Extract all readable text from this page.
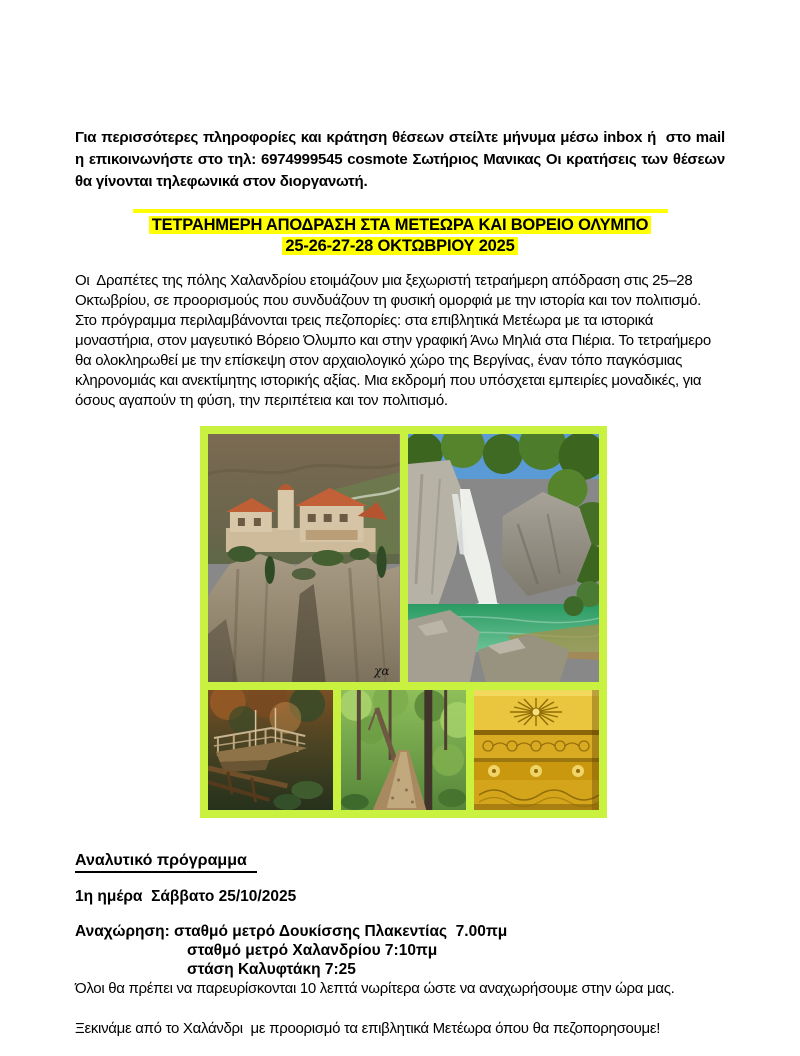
Για περισσότερες πληροφορίες και κράτηση θέσεων στείλτε μήνυμα μέσω inbox ή  στο mail  η επικοινωνήστε στο τηλ: 6974999545 cosmote Σωτήριος Μανικας Οι κρατήσεις των θέσεων θα γίνονται τηλεφωνικά στον διοργανωτή.

ΤΕΤΡΑΗΜΕΡΗ ΑΠΟΔΡΑΣΗ ΣΤΑ ΜΕΤΕΩΡΑ ΚΑΙ ΒΟΡΕΙΟ ΟΛΥΜΠΟ
25-26-27-28 ΟΚΤΩΒΡΙΟΥ 2025

Οι  Δραπέτες της πόλης Χαλανδρίου ετοιμάζουν μια ξεχωριστή τετραήμερη απόδραση στις 25–28 Οκτωβρίου, σε προορισμούς που συνδυάζουν τη φυσική ομορφιά με την ιστορία και τον πολιτισμό. Στο πρόγραμμα περιλαμβάνονται τρεις πεζοπορίες: στα επιβλητικά Μετέωρα με τα ιστορικά μοναστήρια, στον μαγευτικό Βόρειο Όλυμπο και στην γραφική Άνω Μηλιά στα Πιέρια. Το τετραήμερο θα ολοκληρωθεί με την επίσκεψη στον αρχαιολογικό χώρο της Βεργίνας, έναν τόπο παγκόσμιας κληρονομιάς και ανεκτίμητης ιστορικής αξίας. Μια εκδρομή που υπόσχεται εμπειρίες μοναδικές, για όσους αγαπούν τη φύση, την περιπέτεια και τον πολιτισμό.

χα
Αναλυτικό πρόγραμμα
1η ημέρα  Σάββατο 25/10/2025
Αναχώρηση: σταθμό μετρό Δουκίσσης Πλακεντίας  7.00πμ
σταθμό μετρό Χαλανδρίου 7:10πμ
στάση Καλυφτάκη 7:25
Όλοι θα πρέπει να παρευρίσκονται 10 λεπτά νωρίτερα ώστε να αναχωρήσουμε στην ώρα μας.
Ξεκινάμε από το Χαλάνδρι  με προορισμό τα επιβλητικά Μετέωρα όπου θα πεζοπορησουμε!
